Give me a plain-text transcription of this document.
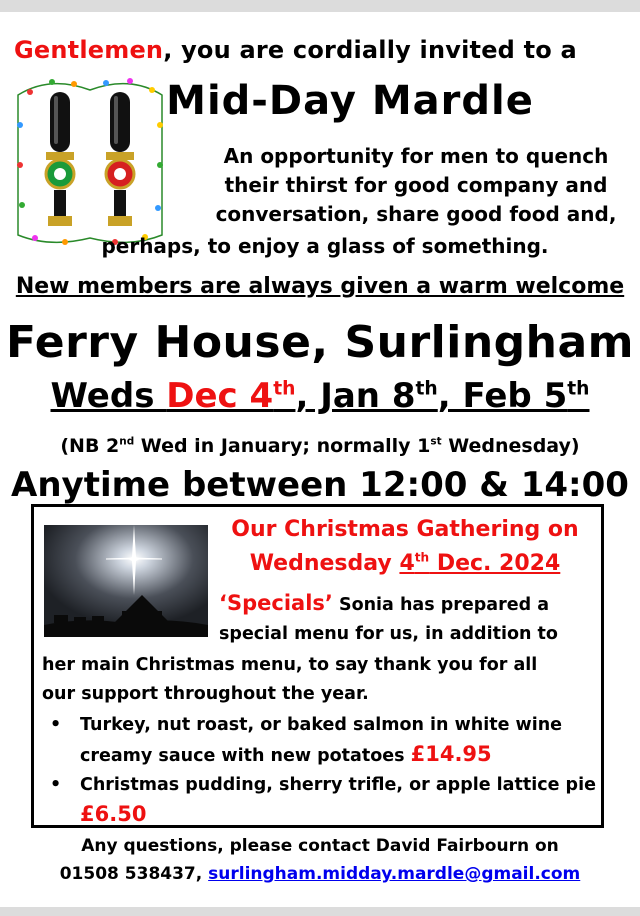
Gentlemen, you are cordially invited to a
Mid-Day Mardle
An opportunity for men to quench
their thirst for good company and
conversation, share good food and,
perhaps, to enjoy a glass of something.
New members are always given a warm welcome
Ferry House, Surlingham
Weds Dec 4th, Jan 8th, Feb 5th
(NB 2nd Wed in January; normally 1st Wednesday)
Anytime between 12:00 & 14:00
Our Christmas Gathering on
Wednesday 4th Dec. 2024
‘Specials’ Sonia has prepared a
special menu for us, in addition to
her main Christmas menu, to say thank you for all
our support throughout the year.
• Turkey, nut roast, or baked salmon in white wine creamy sauce with new potatoes £14.95
• Christmas pudding, sherry trifle, or apple lattice pie £6.50
Any questions, please contact David Fairbourn on
01508 538437, surlingham.midday.mardle@gmail.com
